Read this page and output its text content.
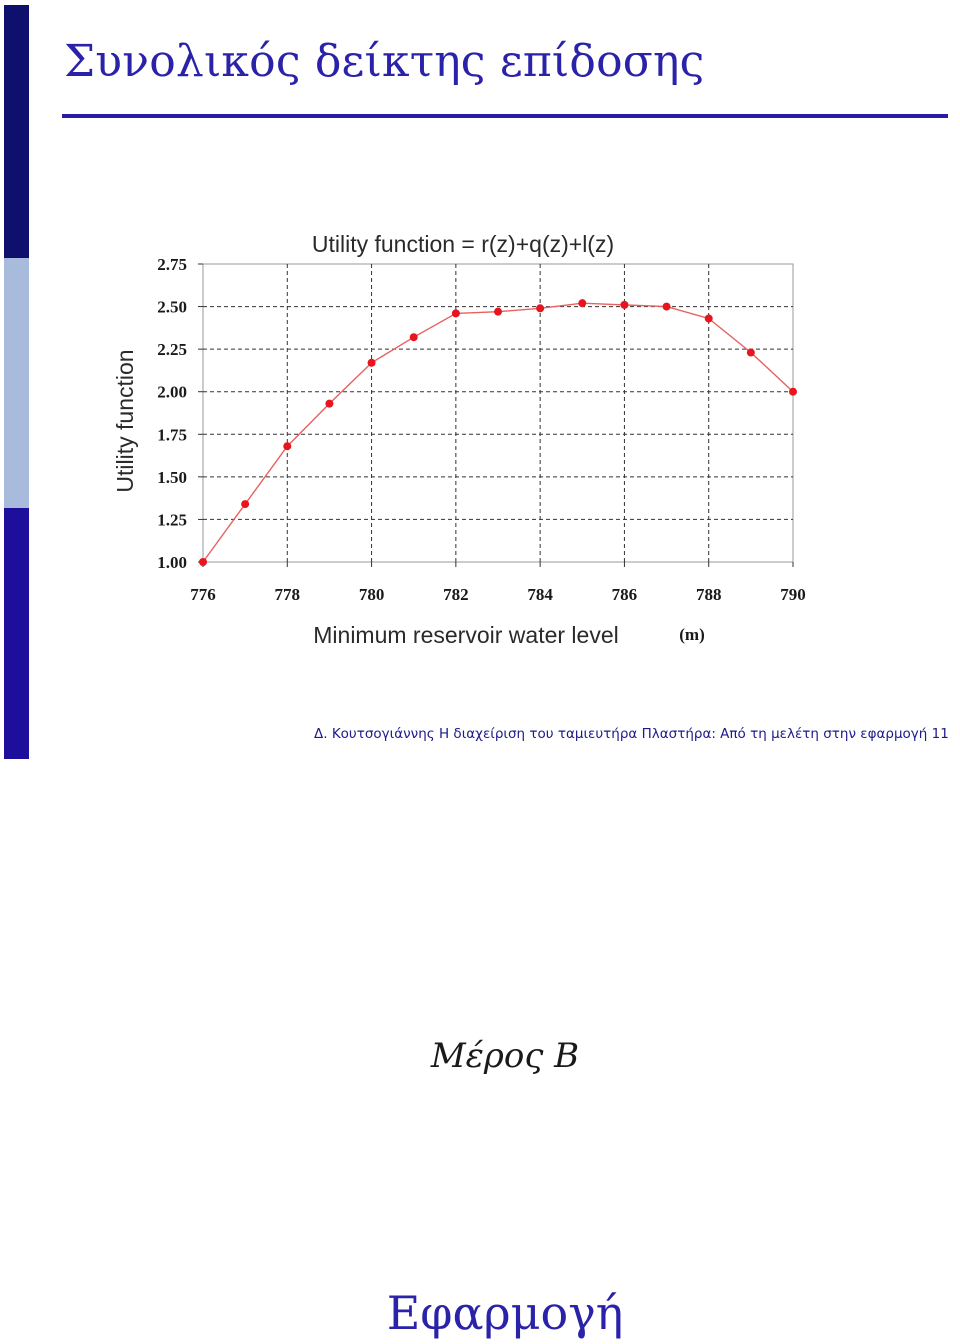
Συνολικός δείκτης επίδοσης
Utility function = r(z)+q(z)+l(z)
Utility function
Minimum reservoir water level	(m)
2.75
2.50
2.25
2.00
1.75
1.50
1.25
1.00
776	778	780	782	784	786	788	790
Δ. Κουτσογιάννης Η διαχείριση του ταμιευτήρα Πλαστήρα: Από τη μελέτη στην εφαρμογή 11
Μέρος Β
Εφαρμογή
